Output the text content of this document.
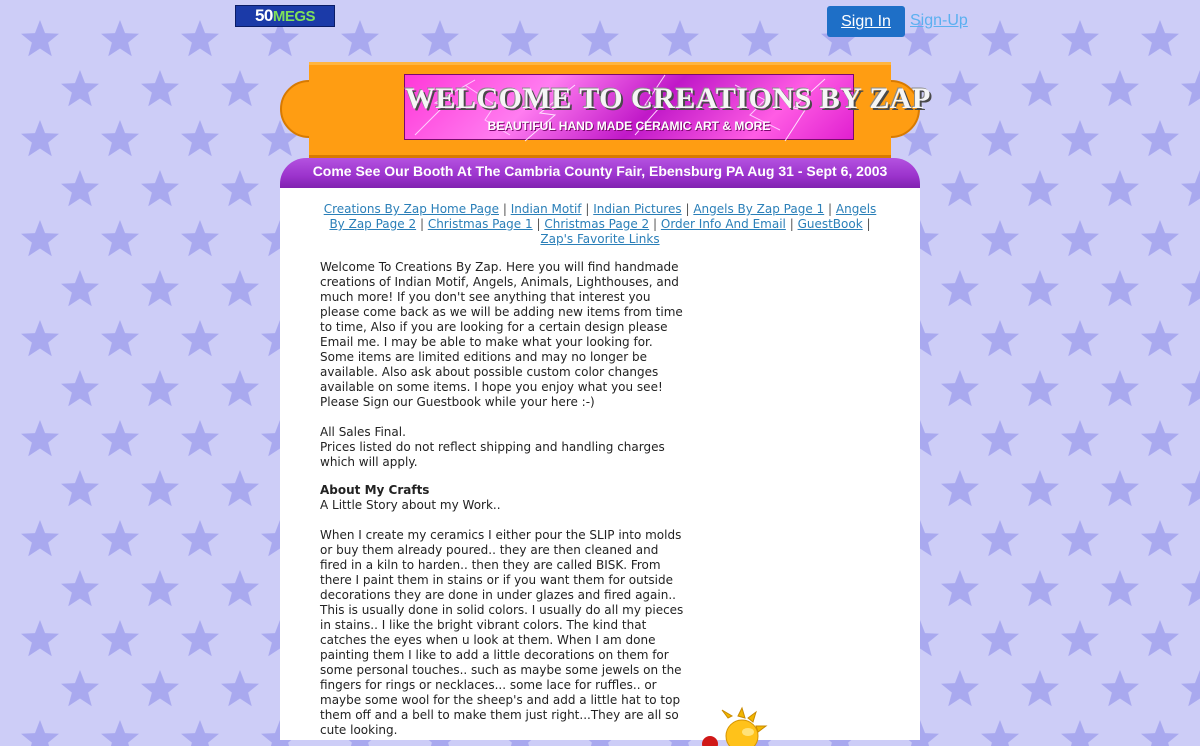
50 MEGS	Sign In	Sign-Up
WELCOME TO CREATIONS BY ZAP
BEAUTIFUL HAND MADE CERAMIC ART & MORE
Come See Our Booth At The Cambria County Fair, Ebensburg PA Aug 31 - Sept 6, 2003
Creations By Zap Home Page | Indian Motif | Indian Pictures | Angels By Zap Page 1 | Angels By Zap Page 2 | Christmas Page 1 | Christmas Page 2 | Order Info And Email | GuestBook |
Zap's Favorite Links

Welcome To Creations By Zap. Here you will find handmade creations of Indian Motif, Angels, Animals, Lighthouses, and much more! If you don't see anything that interest you please come back as we will be adding new items from time to time, Also if you are looking for a certain design please Email me. I may be able to make what your looking for. Some items are limited editions and may no longer be available. Also ask about possible custom color changes available on some items. I hope you enjoy what you see! Please Sign our Guestbook while your here :-)

All Sales Final.

Prices listed do not reflect shipping and handling charges which will apply.

About My Crafts

A Little Story about my Work..

When I create my ceramics I either pour the SLIP into molds or buy them already poured.. they are then cleaned and fired in a kiln to harden.. then they are called BISK. From there I paint them in stains or if you want them for outside decorations they are done in under glazes and fired again.. This is usually done in solid colors. I usually do all my pieces in stains.. I like the bright vibrant colors. The kind that catches the eyes when u look at them. When I am done painting them I like to add a little decorations on them for some personal touches.. such as maybe some jewels on the fingers for rings or necklaces... some lace for ruffles.. or maybe some wool for the sheep's and add a little hat to top them off and a bell to make them just right...They are all so cute looking.
